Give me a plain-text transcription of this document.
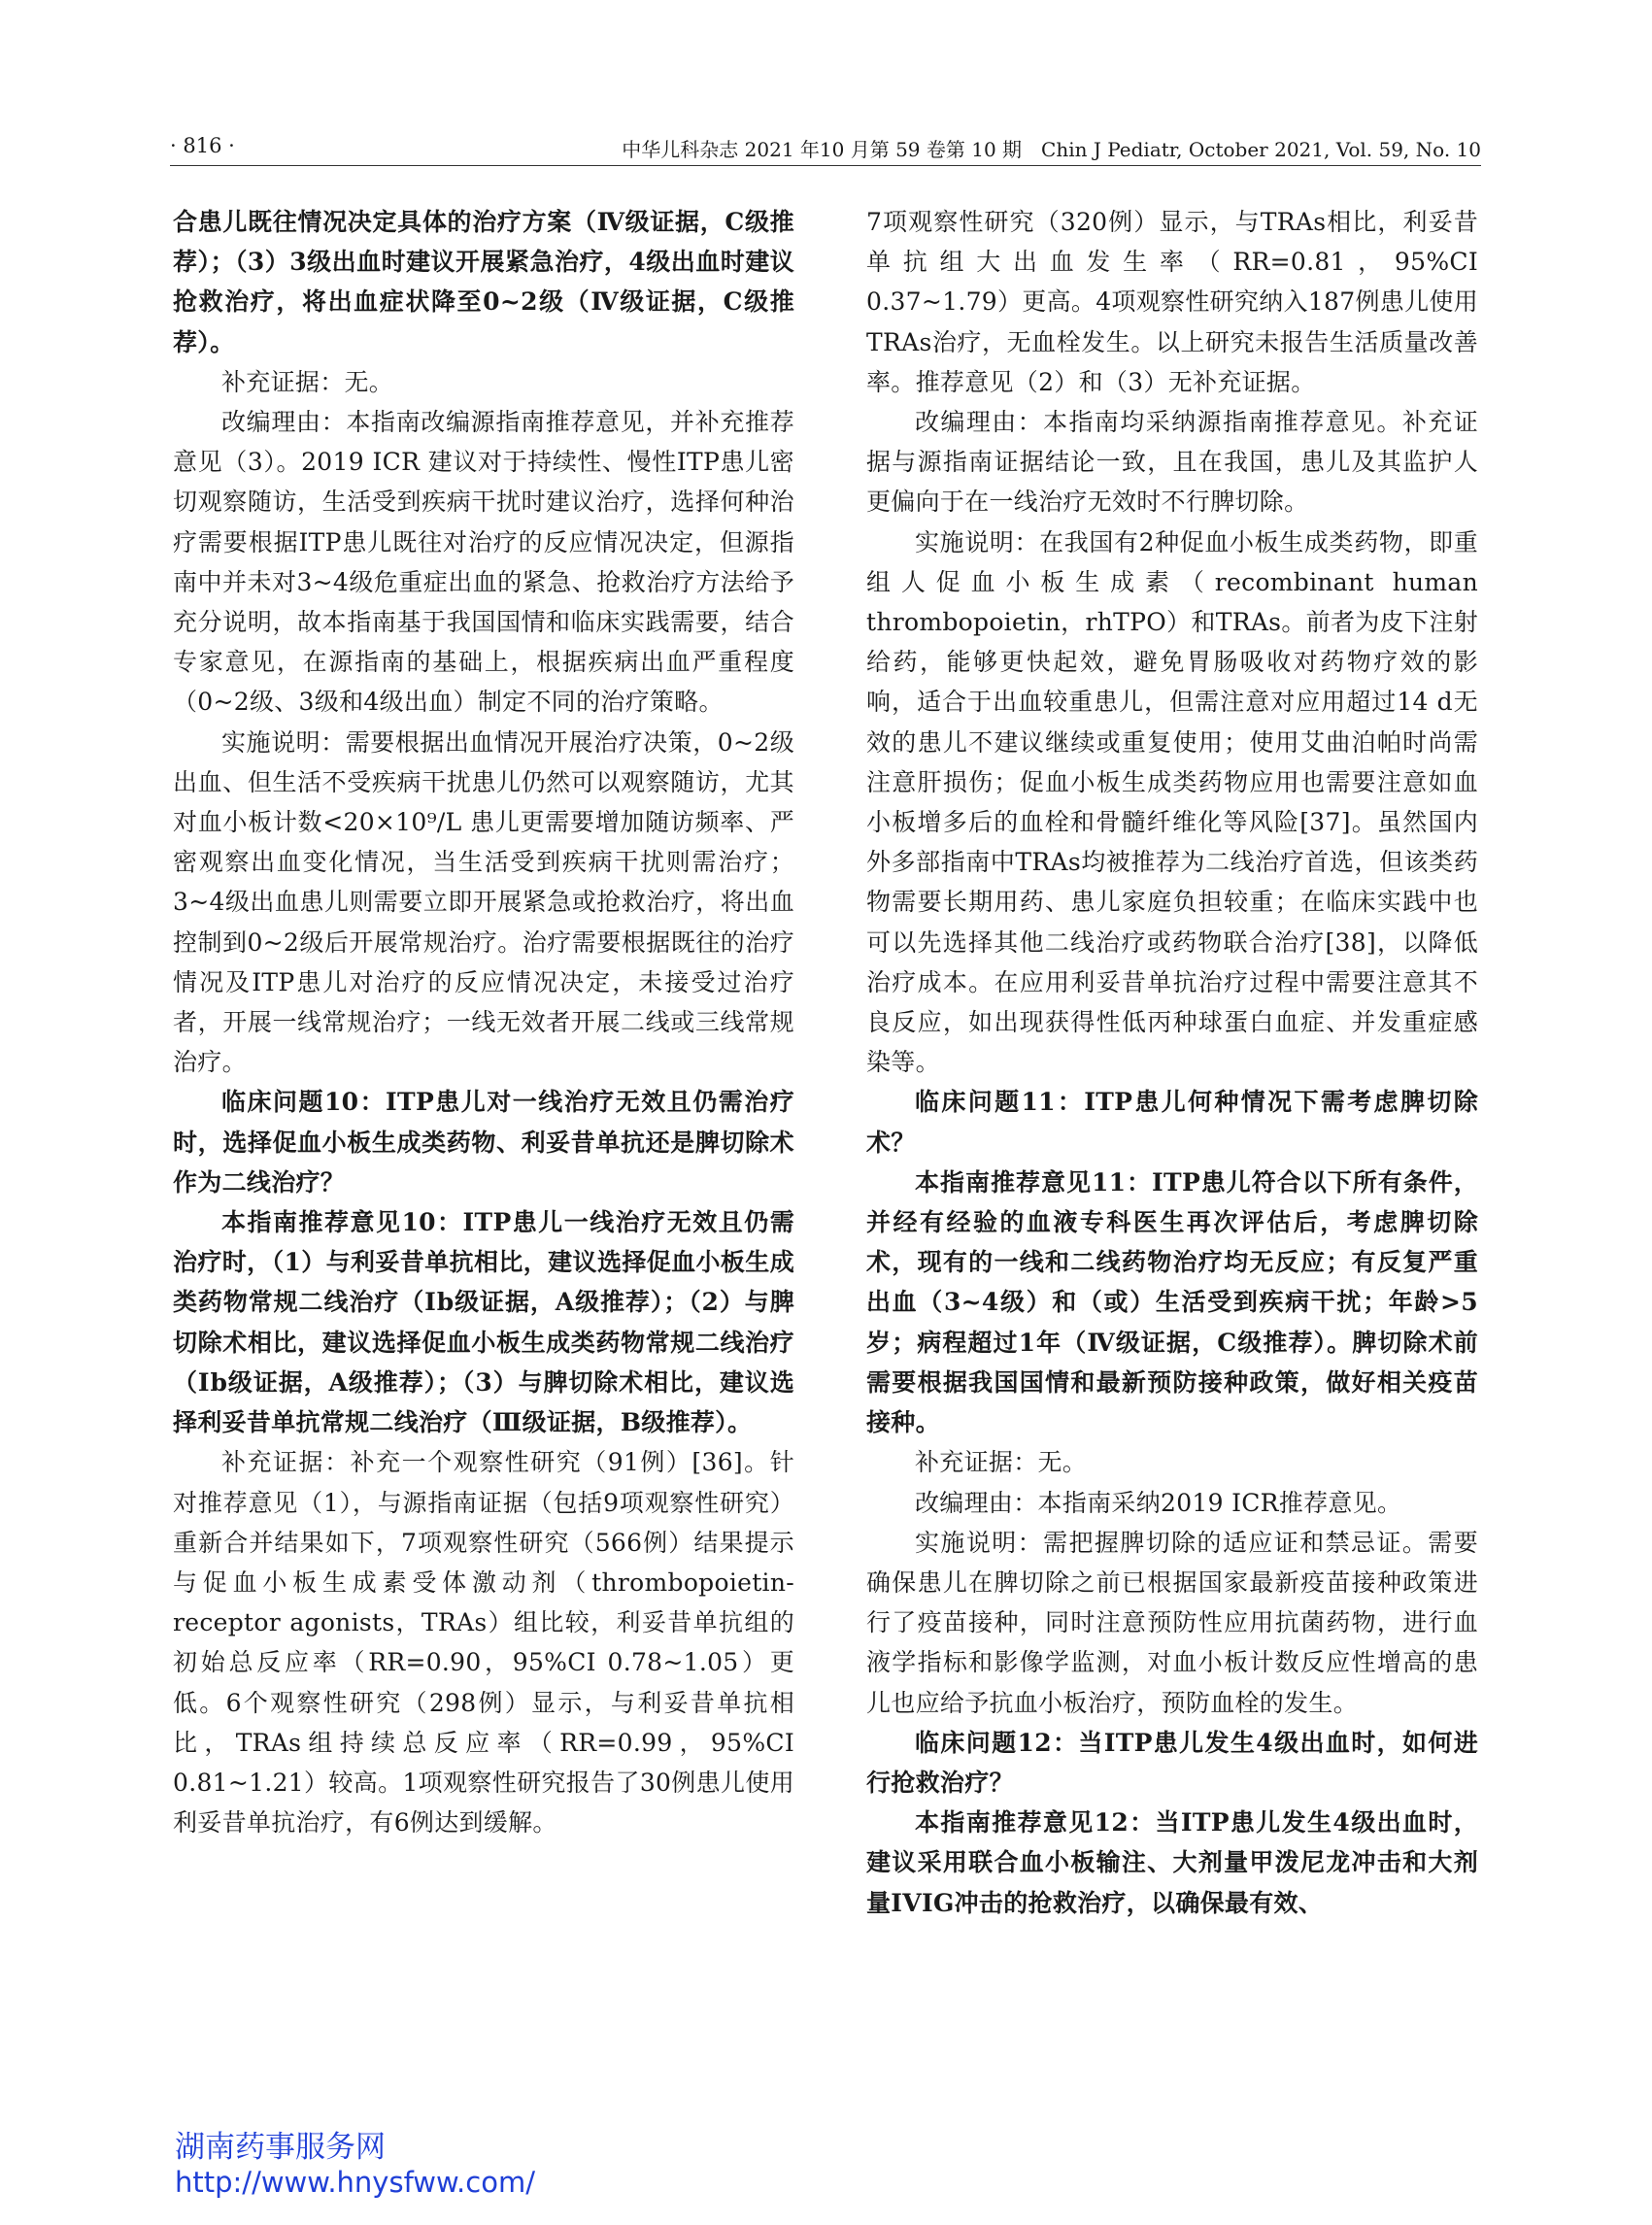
· 816 ·	中华儿科杂志 2021 年10 月第 59 卷第 10 期　Chin J Pediatr, October 2021, Vol. 59, No. 10

合患儿既往情况决定具体的治疗方案（Ⅳ级证据，C级推荐）；（3）3级出血时建议开展紧急治疗，4级出血时建议抢救治疗，将出血症状降至0~2级（Ⅳ级证据，C级推荐）。

补充证据：无。

改编理由：本指南改编源指南推荐意见，并补充推荐意见（3）。2019 ICR 建议对于持续性、慢性ITP患儿密切观察随访，生活受到疾病干扰时建议治疗，选择何种治疗需要根据ITP患儿既往对治疗的反应情况决定，但源指南中并未对3~4级危重症出血的紧急、抢救治疗方法给予充分说明，故本指南基于我国国情和临床实践需要，结合专家意见，在源指南的基础上，根据疾病出血严重程度（0~2级、3级和4级出血）制定不同的治疗策略。

实施说明：需要根据出血情况开展治疗决策，0~2级出血、但生活不受疾病干扰患儿仍然可以观察随访，尤其对血小板计数<20×10⁹/L 患儿更需要增加随访频率、严密观察出血变化情况，当生活受到疾病干扰则需治疗；3~4级出血患儿则需要立即开展紧急或抢救治疗，将出血控制到0~2级后开展常规治疗。治疗需要根据既往的治疗情况及ITP患儿对治疗的反应情况决定，未接受过治疗者，开展一线常规治疗；一线无效者开展二线或三线常规治疗。

临床问题10：ITP患儿对一线治疗无效且仍需治疗时，选择促血小板生成类药物、利妥昔单抗还是脾切除术作为二线治疗？

本指南推荐意见10：ITP患儿一线治疗无效且仍需治疗时，（1）与利妥昔单抗相比，建议选择促血小板生成类药物常规二线治疗（Ⅰb级证据，A级推荐）；（2）与脾切除术相比，建议选择促血小板生成类药物常规二线治疗（Ⅰb级证据，A级推荐）；（3）与脾切除术相比，建议选择利妥昔单抗常规二线治疗（Ⅲ级证据，B级推荐）。

补充证据：补充一个观察性研究（91例）[36]。针对推荐意见（1），与源指南证据（包括9项观察性研究）重新合并结果如下，7项观察性研究（566例）结果提示与促血小板生成素受体激动剂（thrombopoietin-receptor agonists，TRAs）组比较，利妥昔单抗组的初始总反应率（RR=0.90，95%CI 0.78~1.05）更低。6个观察性研究（298例）显示，与利妥昔单抗相比，TRAs组持续总反应率（RR=0.99，95%CI 0.81~1.21）较高。1项观察性研究报告了30例患儿使用利妥昔单抗治疗，有6例达到缓解。

7项观察性研究（320例）显示，与TRAs相比，利妥昔单抗组大出血发生率（RR=0.81，95%CI 0.37~1.79）更高。4项观察性研究纳入187例患儿使用TRAs治疗，无血栓发生。以上研究未报告生活质量改善率。推荐意见（2）和（3）无补充证据。

改编理由：本指南均采纳源指南推荐意见。补充证据与源指南证据结论一致，且在我国，患儿及其监护人更偏向于在一线治疗无效时不行脾切除。

实施说明：在我国有2种促血小板生成类药物，即重组人促血小板生成素（recombinant human thrombopoietin，rhTPO）和TRAs。前者为皮下注射给药，能够更快起效，避免胃肠吸收对药物疗效的影响，适合于出血较重患儿，但需注意对应用超过14 d无效的患儿不建议继续或重复使用；使用艾曲泊帕时尚需注意肝损伤；促血小板生成类药物应用也需要注意如血小板增多后的血栓和骨髓纤维化等风险[37]。虽然国内外多部指南中TRAs均被推荐为二线治疗首选，但该类药物需要长期用药、患儿家庭负担较重；在临床实践中也可以先选择其他二线治疗或药物联合治疗[38]，以降低治疗成本。在应用利妥昔单抗治疗过程中需要注意其不良反应，如出现获得性低丙种球蛋白血症、并发重症感染等。

临床问题11：ITP患儿何种情况下需考虑脾切除术？

本指南推荐意见11：ITP患儿符合以下所有条件，并经有经验的血液专科医生再次评估后，考虑脾切除术，现有的一线和二线药物治疗均无反应；有反复严重出血（3~4级）和（或）生活受到疾病干扰；年龄>5岁；病程超过1年（Ⅳ级证据，C级推荐）。脾切除术前需要根据我国国情和最新预防接种政策，做好相关疫苗接种。

补充证据：无。

改编理由：本指南采纳2019 ICR推荐意见。

实施说明：需把握脾切除的适应证和禁忌证。需要确保患儿在脾切除之前已根据国家最新疫苗接种政策进行了疫苗接种，同时注意预防性应用抗菌药物，进行血液学指标和影像学监测，对血小板计数反应性增高的患儿也应给予抗血小板治疗，预防血栓的发生。

临床问题12：当ITP患儿发生4级出血时，如何进行抢救治疗？

本指南推荐意见12：当ITP患儿发生4级出血时，建议采用联合血小板输注、大剂量甲泼尼龙冲击和大剂量IVIG冲击的抢救治疗，以确保最有效、

湖南药事服务网
http://www.hnysfww.com/
